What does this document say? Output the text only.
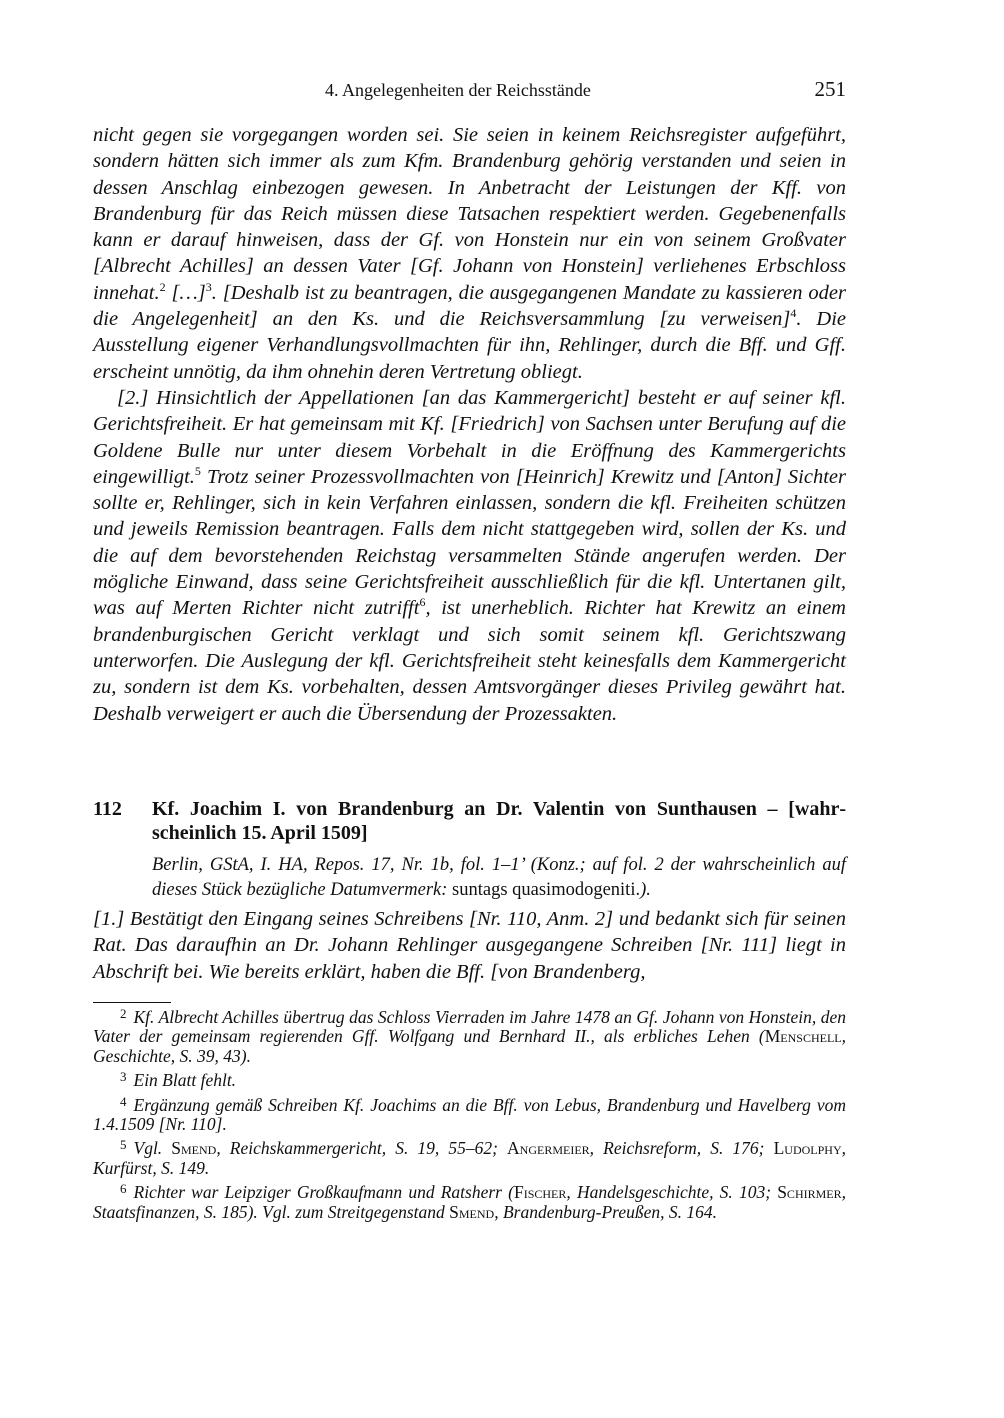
4. Angelegenheiten der Reichsstände	251

nicht gegen sie vorgegangen worden sei. Sie seien in keinem Reichsregister aufgeführt, sondern hätten sich immer als zum Kfm. Brandenburg gehörig verstanden und seien in dessen Anschlag einbezogen gewesen. In Anbetracht der Leistungen der Kff. von Brandenburg für das Reich müssen diese Tatsachen respektiert werden. Gegebenenfalls kann er darauf hinweisen, dass der Gf. von Honstein nur ein von seinem Großvater [Albrecht Achilles] an dessen Vater [Gf. Johann von Honstein] verliehenes Erbschloss innehat.$^2$ […]$^3$. [Deshalb ist zu beantragen, die ausgegangenen Mandate zu kassieren oder die Angelegenheit] an den Ks. und die Reichsversammlung [zu verweisen]$^4$. Die Ausstellung eigener Verhandlungsvollmachten für ihn, Rehlinger, durch die Bff. und Gff. erscheint unnötig, da ihm ohnehin deren Vertretung obliegt.

[2.] Hinsichtlich der Appellationen [an das Kammergericht] besteht er auf seiner kfl. Gerichtsfreiheit. Er hat gemeinsam mit Kf. [Friedrich] von Sachsen unter Berufung auf die Goldene Bulle nur unter diesem Vorbehalt in die Eröffnung des Kammergerichts eingewilligt.$^5$ Trotz seiner Prozessvollmachten von [Heinrich] Krewitz und [Anton] Sichter sollte er, Rehlinger, sich in kein Verfahren einlassen, sondern die kfl. Freiheiten schützen und jeweils Remission beantragen. Falls dem nicht stattgegeben wird, sollen der Ks. und die auf dem bevorstehenden Reichstag versammelten Stände angerufen werden. Der mögliche Einwand, dass seine Gerichtsfreiheit ausschließlich für die kfl. Untertanen gilt, was auf Merten Richter nicht zutrifft$^6$, ist unerheblich. Richter hat Krewitz an einem brandenburgischen Gericht verklagt und sich somit seinem kfl. Gerichtszwang unterworfen. Die Auslegung der kfl. Gerichtsfreiheit steht keinesfalls dem Kammergericht zu, sondern ist dem Ks. vorbehalten, dessen Amtsvorgänger dieses Privileg gewährt hat. Deshalb verweigert er auch die Übersendung der Prozessakten.

112 Kf. Joachim I. von Brandenburg an Dr. Valentin von Sunthausen – [wahrscheinlich 15. April 1509]
Berlin, GStA, I. HA, Repos. 17, Nr. 1b, fol. 1–1’ (Konz.; auf fol. 2 der wahrscheinlich auf dieses Stück bezügliche Datumvermerk: suntags quasimodogeniti.).

[1.] Bestätigt den Eingang seines Schreibens [Nr. 110, Anm. 2] und bedankt sich für seinen Rat. Das daraufhin an Dr. Johann Rehlinger ausgegangene Schreiben [Nr. 111] liegt in Abschrift bei. Wie bereits erklärt, haben die Bff. [von Brandenberg,

$^2$ Kf. Albrecht Achilles übertrug das Schloss Vierraden im Jahre 1478 an Gf. Johann von Honstein, den Vater der gemeinsam regierenden Gff. Wolfgang und Bernhard II., als erbliches Lehen (Menschell, Geschichte, S. 39, 43).

$^3$ Ein Blatt fehlt.

$^4$ Ergänzung gemäß Schreiben Kf. Joachims an die Bff. von Lebus, Brandenburg und Havelberg vom 1.4.1509 [Nr. 110].

$^5$ Vgl. Smend, Reichskammergericht, S. 19, 55–62; Angermeier, Reichsreform, S. 176; Ludolphy, Kurfürst, S. 149.

$^6$ Richter war Leipziger Großkaufmann und Ratsherr (Fischer, Handelsgeschichte, S. 103; Schirmer, Staatsfinanzen, S. 185). Vgl. zum Streitgegenstand Smend, Brandenburg-Preußen, S. 164.
